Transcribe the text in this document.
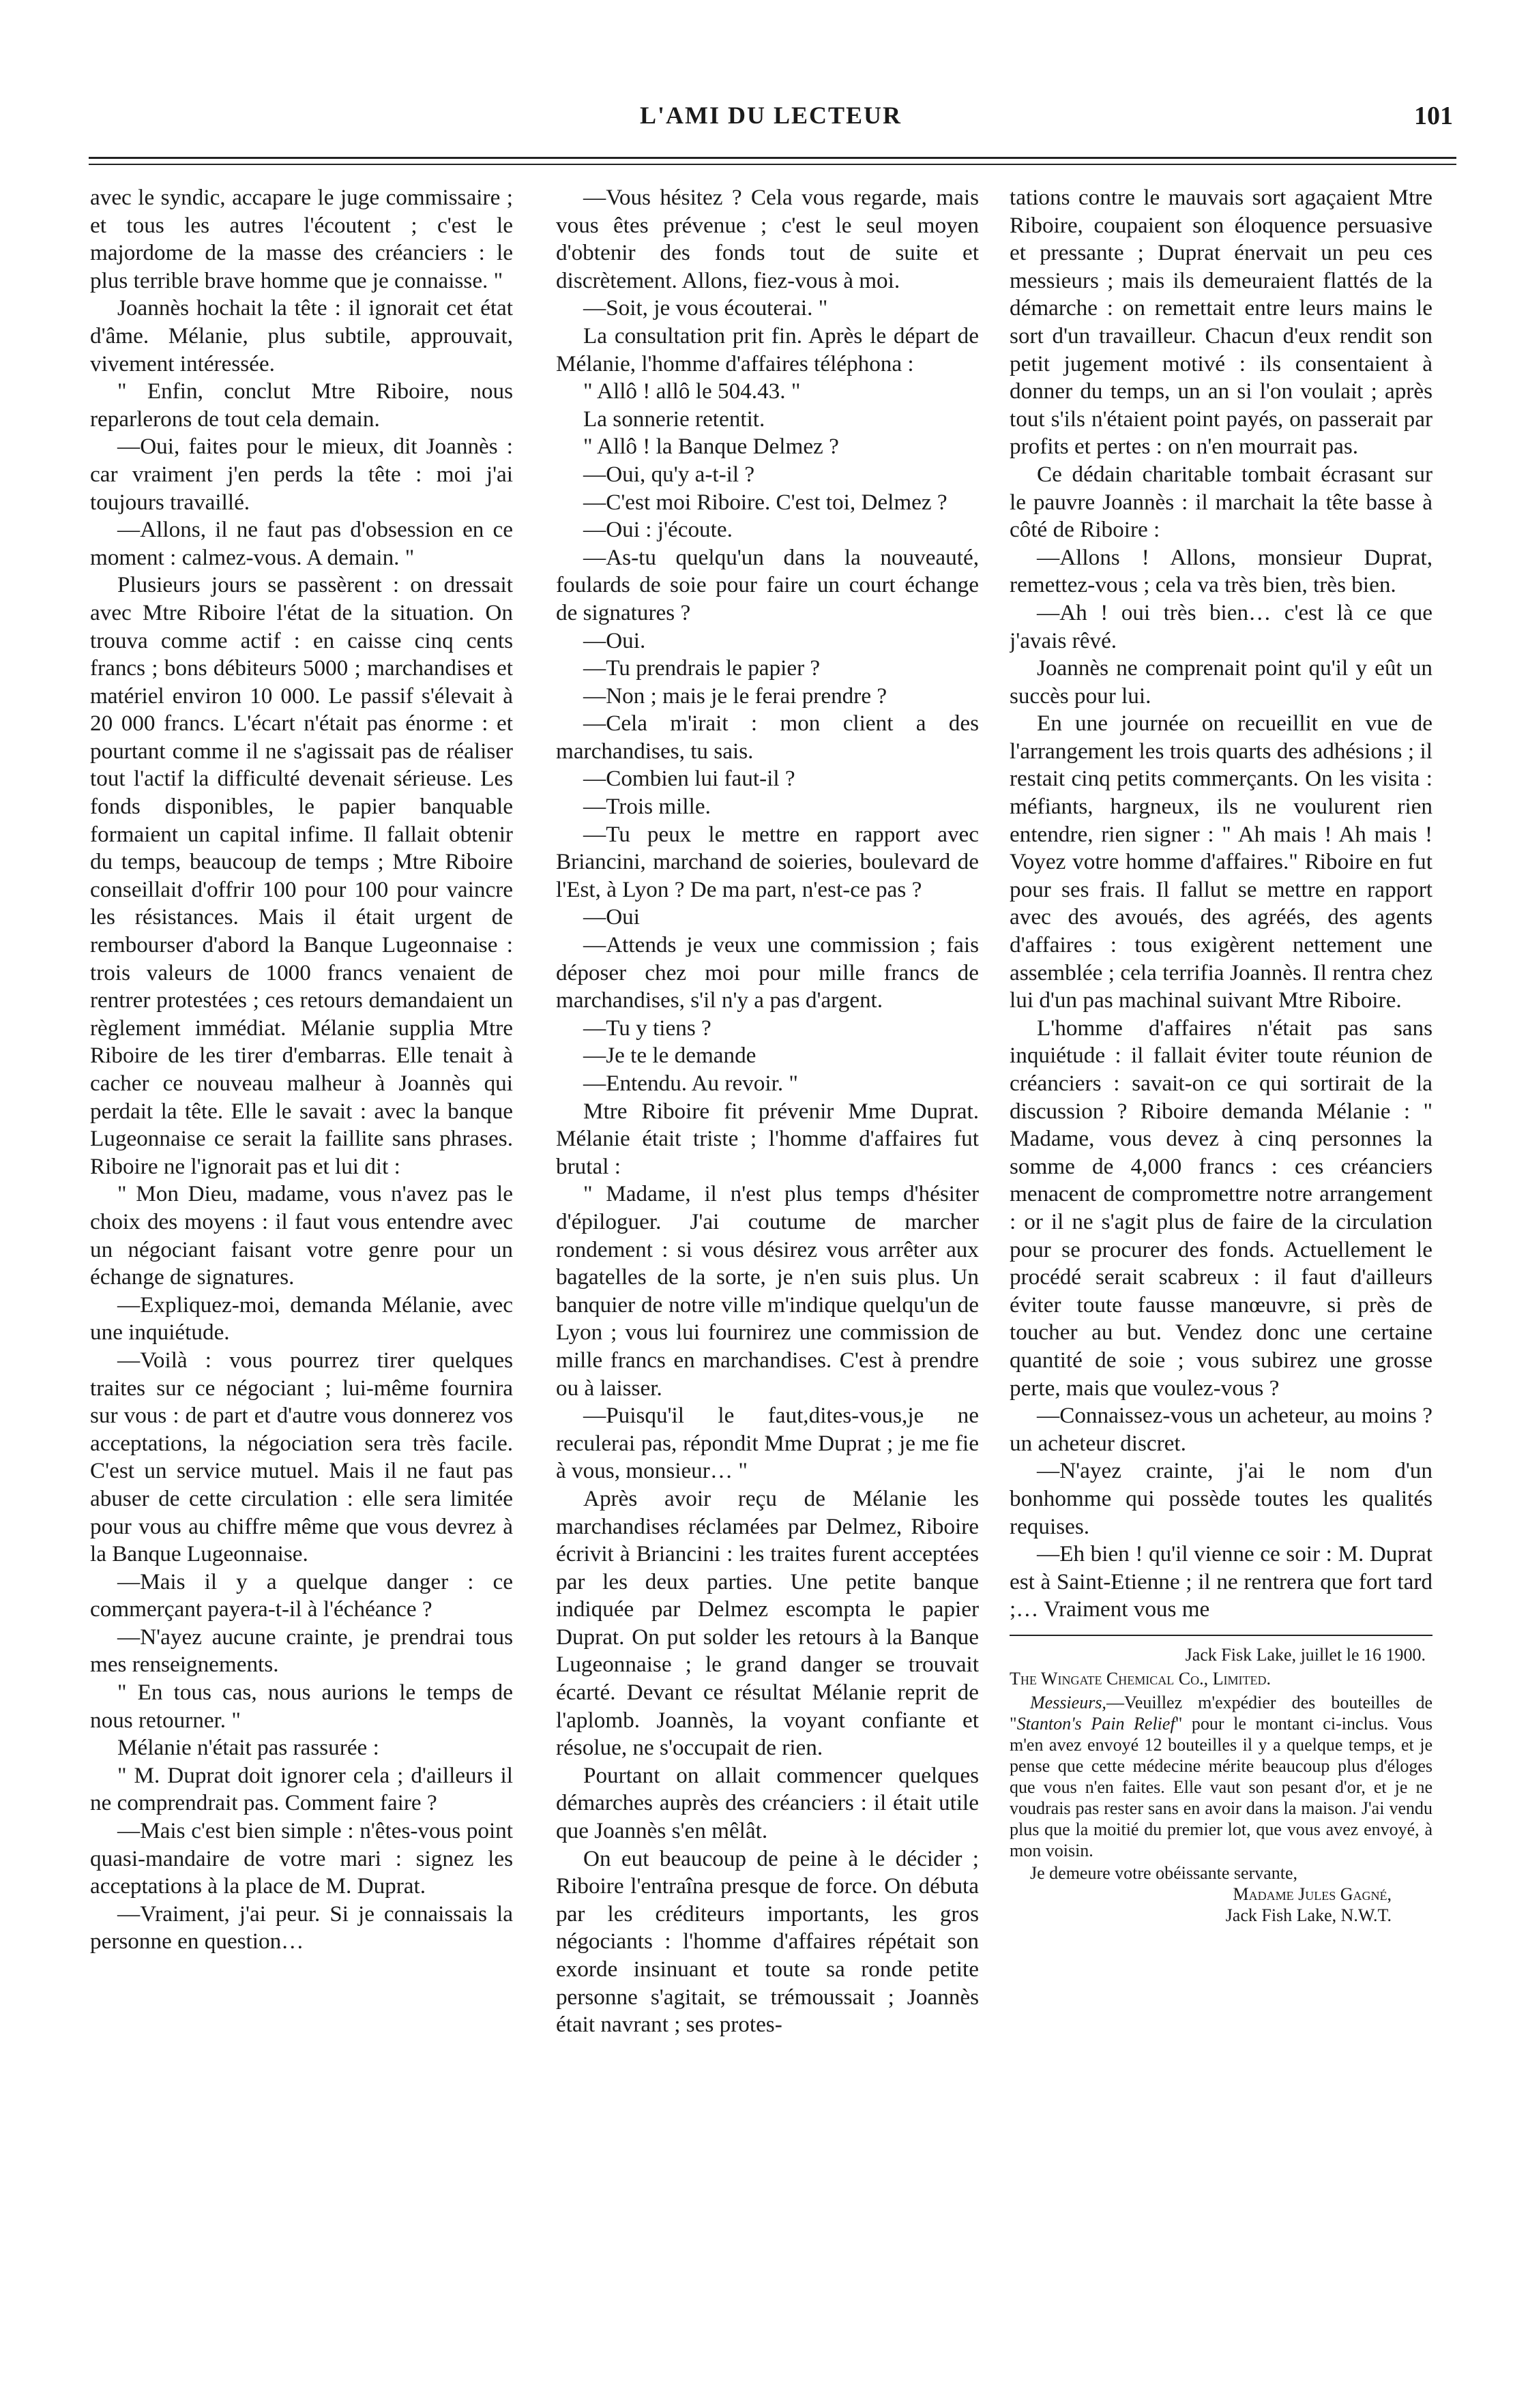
L'AMI DU LECTEUR	101

avec le syndic, accapare le juge commissaire ; et tous les autres l'écoutent ; c'est le majordome de la masse des créanciers : le plus terrible brave homme que je connaisse. "

Joannès hochait la tête : il ignorait cet état d'âme. Mélanie, plus subtile, approuvait, vivement intéressée.

" Enfin, conclut Mtre Riboire, nous reparlerons de tout cela demain.

—Oui, faites pour le mieux, dit Joannès : car vraiment j'en perds la tête : moi j'ai toujours travaillé.

—Allons, il ne faut pas d'obsession en ce moment : calmez-vous. A demain. "

Plusieurs jours se passèrent : on dressait avec Mtre Riboire l'état de la situation. On trouva comme actif : en caisse cinq cents francs ; bons débiteurs 5000 ; marchandises et matériel environ 10 000. Le passif s'élevait à 20 000 francs. L'écart n'était pas énorme : et pourtant comme il ne s'agissait pas de réaliser tout l'actif la difficulté devenait sérieuse. Les fonds disponibles, le papier banquable formaient un capital infime. Il fallait obtenir du temps, beaucoup de temps ; Mtre Riboire conseillait d'offrir 100 pour 100 pour vaincre les résistances. Mais il était urgent de rembourser d'abord la Banque Lugeonnaise : trois valeurs de 1000 francs venaient de rentrer protestées ; ces retours demandaient un règlement immédiat. Mélanie supplia Mtre Riboire de les tirer d'embarras. Elle tenait à cacher ce nouveau malheur à Joannès qui perdait la tête. Elle le savait : avec la banque Lugeonnaise ce serait la faillite sans phrases. Riboire ne l'ignorait pas et lui dit :

" Mon Dieu, madame, vous n'avez pas le choix des moyens : il faut vous entendre avec un négociant faisant votre genre pour un échange de signatures.

—Expliquez-moi, demanda Mélanie, avec une inquiétude.

—Voilà : vous pourrez tirer quelques traites sur ce négociant ; lui-même fournira sur vous : de part et d'autre vous donnerez vos acceptations, la négociation sera très facile. C'est un service mutuel. Mais il ne faut pas abuser de cette circulation : elle sera limitée pour vous au chiffre même que vous devrez à la Banque Lugeonnaise.

—Mais il y a quelque danger : ce commerçant payera-t-il à l'échéance ?

—N'ayez aucune crainte, je prendrai tous mes renseignements.

" En tous cas, nous aurions le temps de nous retourner. "

Mélanie n'était pas rassurée :

" M. Duprat doit ignorer cela ; d'ailleurs il ne comprendrait pas. Comment faire ?

—Mais c'est bien simple : n'êtes-vous point quasi-mandaire de votre mari : signez les acceptations à la place de M. Duprat.

—Vraiment, j'ai peur. Si je connaissais la personne en question…

—Vous hésitez ? Cela vous regarde, mais vous êtes prévenue ; c'est le seul moyen d'obtenir des fonds tout de suite et discrètement. Allons, fiez-vous à moi.

—Soit, je vous écouterai. "

La consultation prit fin. Après le départ de Mélanie, l'homme d'affaires téléphona :

" Allô ! allô le 504.43. "

La sonnerie retentit.

" Allô ! la Banque Delmez ?

—Oui, qu'y a-t-il ?

—C'est moi Riboire. C'est toi, Delmez ?

—Oui : j'écoute.

—As-tu quelqu'un dans la nouveauté, foulards de soie pour faire un court échange de signatures ?

—Oui.

—Tu prendrais le papier ?

—Non ; mais je le ferai prendre ?

—Cela m'irait : mon client a des marchandises, tu sais.

—Combien lui faut-il ?

—Trois mille.

—Tu peux le mettre en rapport avec Briancini, marchand de soieries, boulevard de l'Est, à Lyon ? De ma part, n'est-ce pas ?

—Oui

—Attends je veux une commission ; fais déposer chez moi pour mille francs de marchandises, s'il n'y a pas d'argent.

—Tu y tiens ?

—Je te le demande

—Entendu. Au revoir. "

Mtre Riboire fit prévenir Mme Duprat. Mélanie était triste ; l'homme d'affaires fut brutal :

" Madame, il n'est plus temps d'hésiter d'épiloguer. J'ai coutume de marcher rondement : si vous désirez vous arrêter aux bagatelles de la sorte, je n'en suis plus. Un banquier de notre ville m'indique quelqu'un de Lyon ; vous lui fournirez une commission de mille francs en marchandises. C'est à prendre ou à laisser.

—Puisqu'il le faut,dites-vous,je ne reculerai pas, répondit Mme Duprat ; je me fie à vous, monsieur… "

Après avoir reçu de Mélanie les marchandises réclamées par Delmez, Riboire écrivit à Briancini : les traites furent acceptées par les deux parties. Une petite banque indiquée par Delmez escompta le papier Duprat. On put solder les retours à la Banque Lugeonnaise ; le grand danger se trouvait écarté. Devant ce résultat Mélanie reprit de l'aplomb. Joannès, la voyant confiante et résolue, ne s'occupait de rien.

Pourtant on allait commencer quelques démarches auprès des créanciers : il était utile que Joannès s'en mêlât.

On eut beaucoup de peine à le décider ; Riboire l'entraîna presque de force. On débuta par les créditeurs importants, les gros négociants : l'homme d'affaires répétait son exorde insinuant et toute sa ronde petite personne s'agitait, se trémoussait ; Joannès était navrant ; ses protes-

tations contre le mauvais sort agaçaient Mtre Riboire, coupaient son éloquence persuasive et pressante ; Duprat énervait un peu ces messieurs ; mais ils demeuraient flattés de la démarche : on remettait entre leurs mains le sort d'un travailleur. Chacun d'eux rendit son petit jugement motivé : ils consentaient à donner du temps, un an si l'on voulait ; après tout s'ils n'étaient point payés, on passerait par profits et pertes : on n'en mourrait pas.

Ce dédain charitable tombait écrasant sur le pauvre Joannès : il marchait la tête basse à côté de Riboire :

—Allons ! Allons, monsieur Duprat, remettez-vous ; cela va très bien, très bien.

—Ah ! oui très bien… c'est là ce que j'avais rêvé.

Joannès ne comprenait point qu'il y eût un succès pour lui.

En une journée on recueillit en vue de l'arrangement les trois quarts des adhésions ; il restait cinq petits commerçants. On les visita : méfiants, hargneux, ils ne voulurent rien entendre, rien signer : " Ah mais ! Ah mais ! Voyez votre homme d'affaires." Riboire en fut pour ses frais. Il fallut se mettre en rapport avec des avoués, des agréés, des agents d'affaires : tous exigèrent nettement une assemblée ; cela terrifia Joannès. Il rentra chez lui d'un pas machinal suivant Mtre Riboire.

L'homme d'affaires n'était pas sans inquiétude : il fallait éviter toute réunion de créanciers : savait-on ce qui sortirait de la discussion ? Riboire demanda Mélanie : " Madame, vous devez à cinq personnes la somme de 4,000 francs : ces créanciers menacent de compromettre notre arrangement : or il ne s'agit plus de faire de la circulation pour se procurer des fonds. Actuellement le procédé serait scabreux : il faut d'ailleurs éviter toute fausse manœuvre, si près de toucher au but. Vendez donc une certaine quantité de soie ; vous subirez une grosse perte, mais que voulez-vous ?

—Connaissez-vous un acheteur, au moins ? un acheteur discret.

—N'ayez crainte, j'ai le nom d'un bonhomme qui possède toutes les qualités requises.

—Eh bien ! qu'il vienne ce soir : M. Duprat est à Saint-Etienne ; il ne rentrera que fort tard ;… Vraiment vous me

Jack Fisk Lake, juillet le 16 1900.
The Wingate Chemical Co., Limited.

Messieurs,—Veuillez m'expédier des bouteilles de "Stanton's Pain Relief" pour le montant ci-inclus. Vous m'en avez envoyé 12 bouteilles il y a quelque temps, et je pense que cette médecine mérite beaucoup plus d'éloges que vous n'en faites. Elle vaut son pesant d'or, et je ne voudrais pas rester sans en avoir dans la maison. J'ai vendu plus que la moitié du premier lot, que vous avez envoyé, à mon voisin.

Je demeure votre obéissante servante,
Madame Jules Gagné,
Jack Fish Lake, N.W.T.
